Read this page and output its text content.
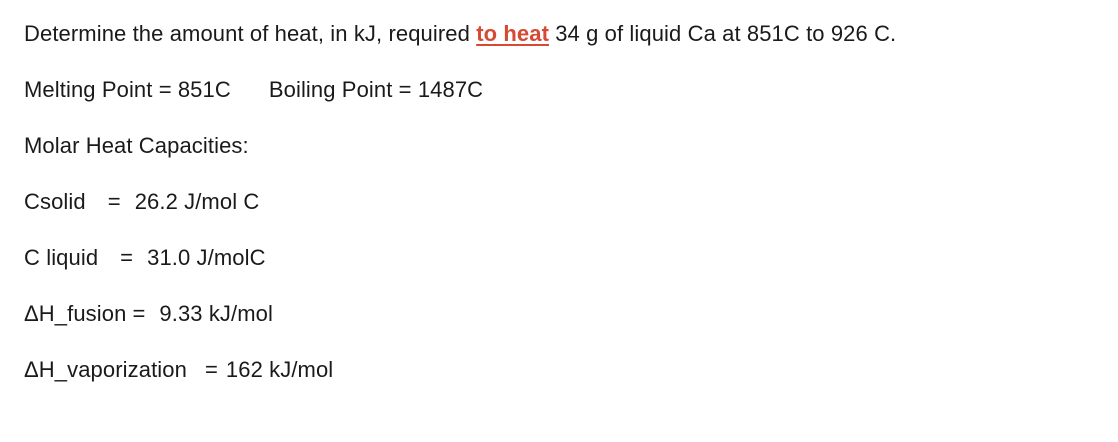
Determine the amount of heat, in kJ, required to heat 34 g of liquid Ca at 851C to 926 C.
Melting Point = 851C Boiling Point = 1487C
Molar Heat Capacities:
Csolid = 26.2 J/mol C
C liquid = 31.0 J/molC
ΔH_fusion = 9.33 kJ/mol
ΔH_vaporization = 162 kJ/mol
